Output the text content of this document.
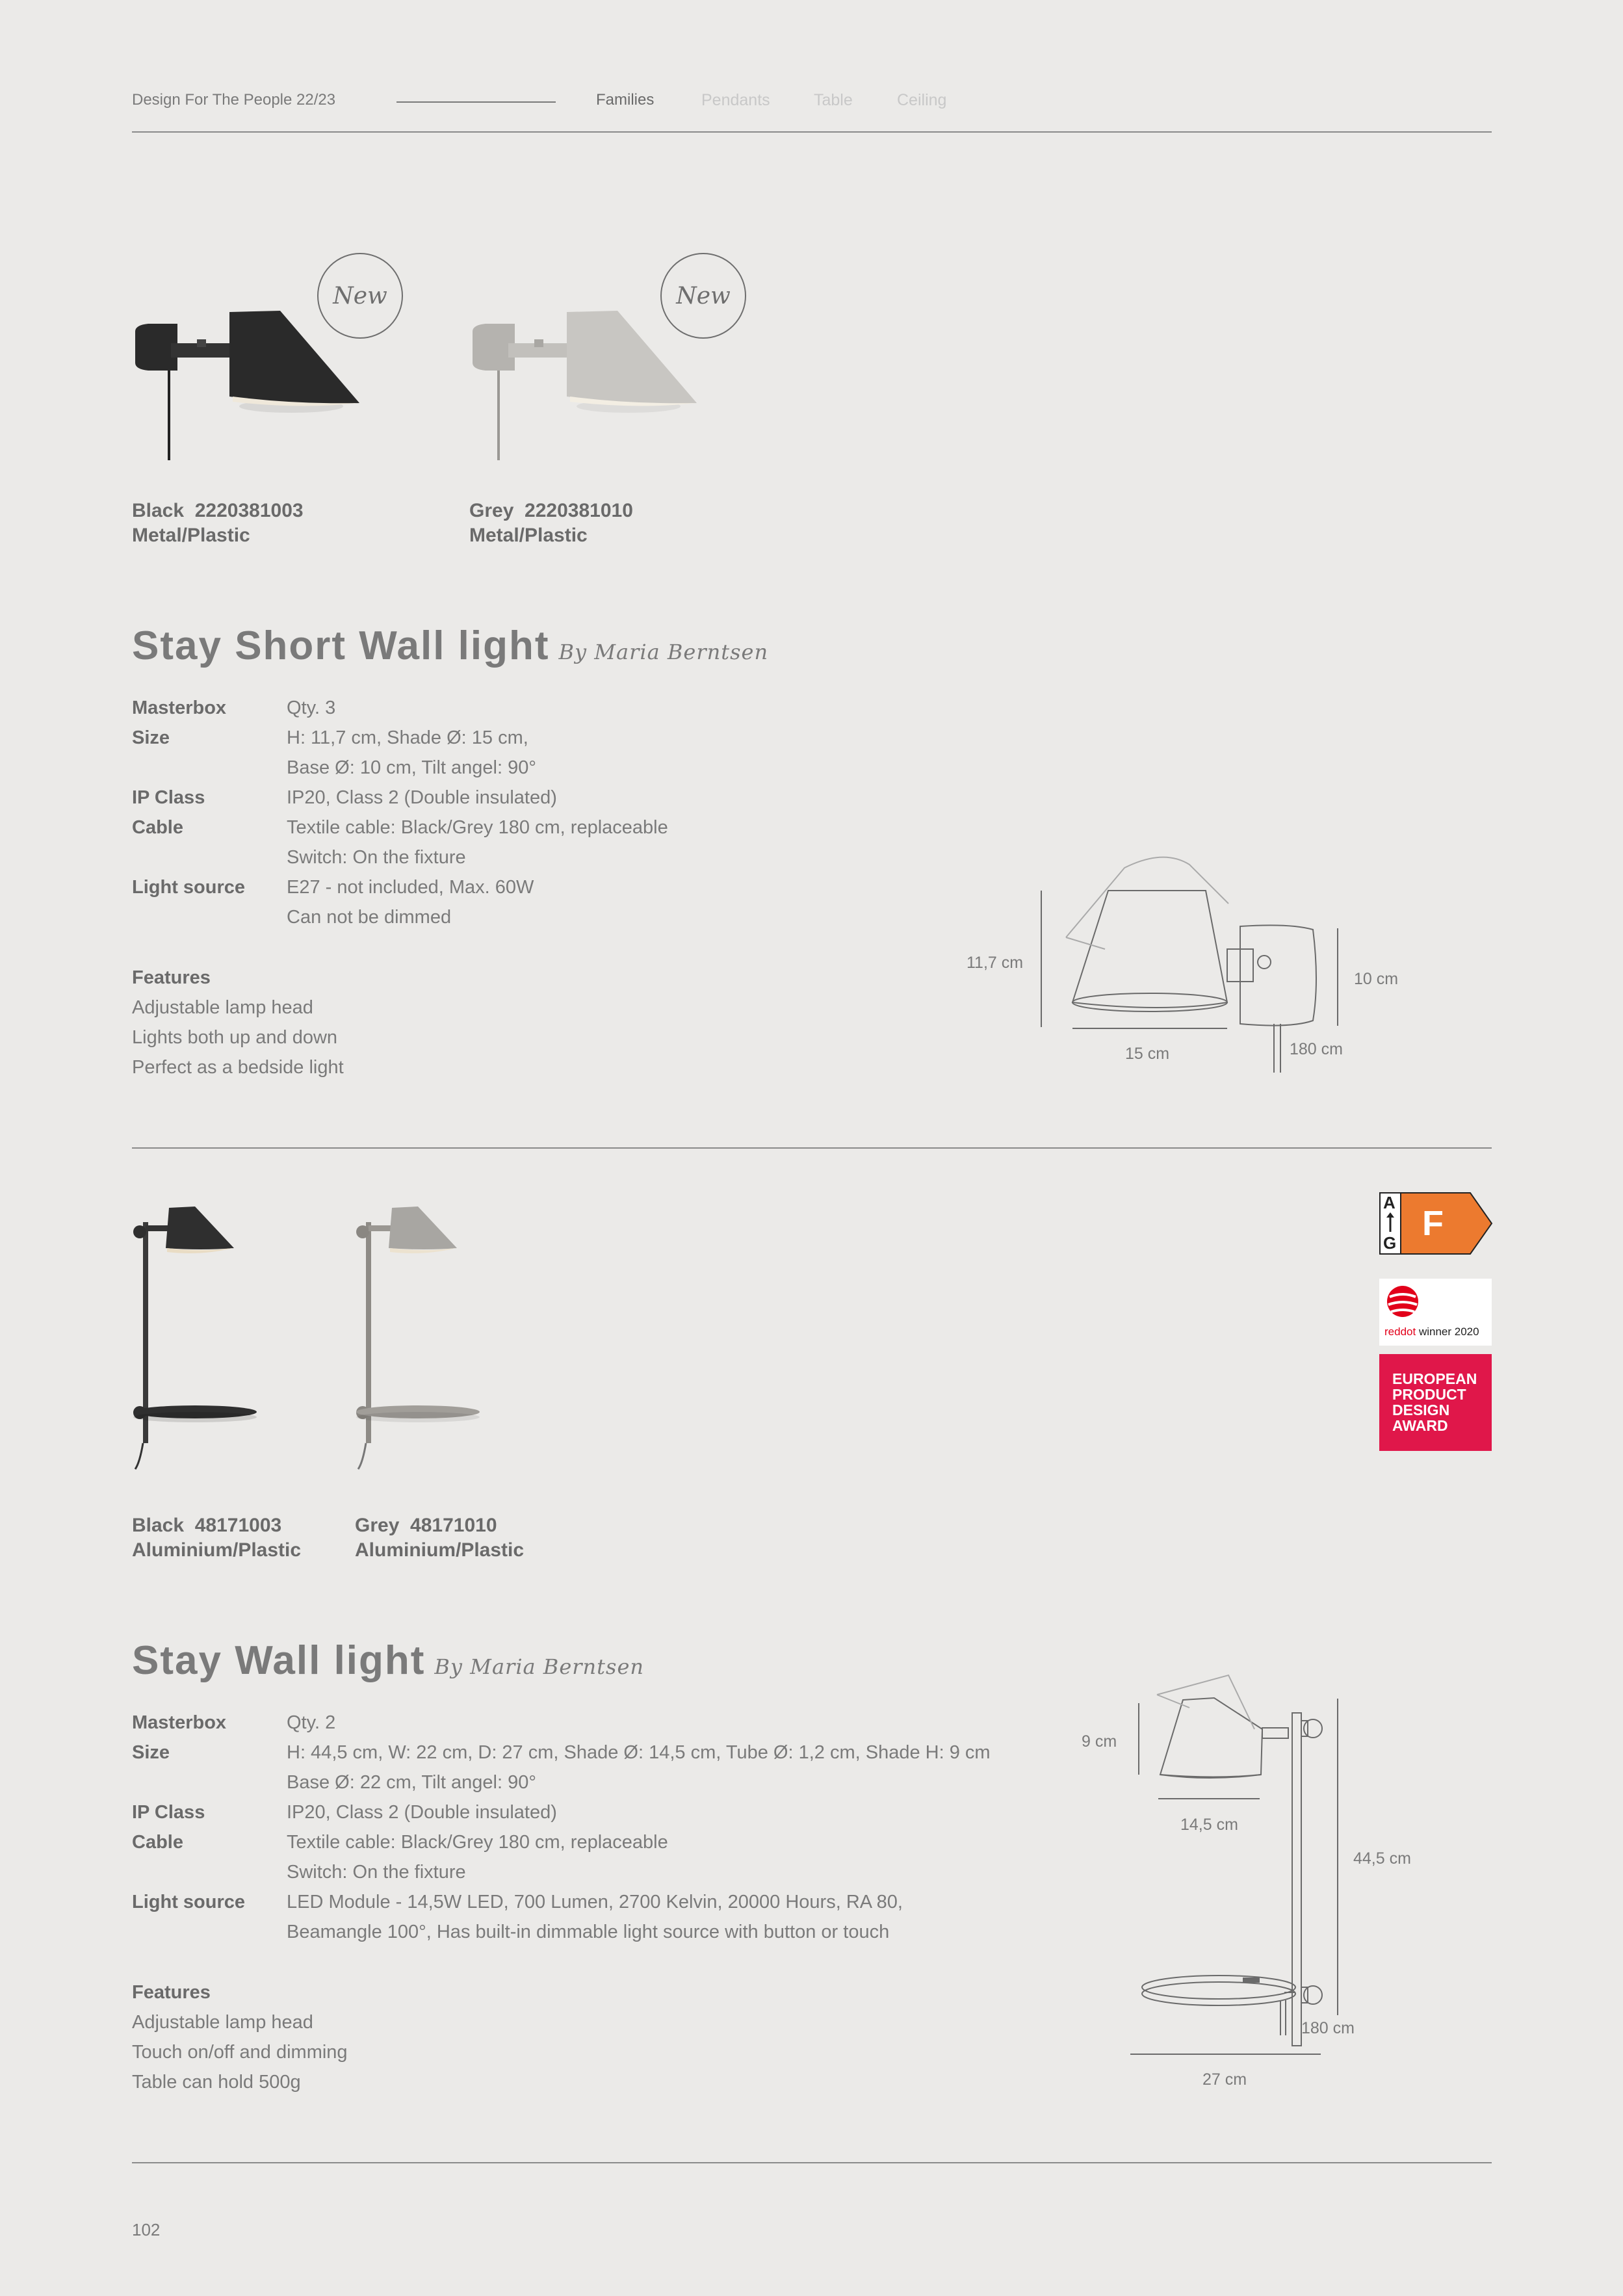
Design For The People 22/23	Families	Pendants	Table	Ceiling
New	New
Black  2220381003
Metal/Plastic
Grey  2220381010
Metal/Plastic
Stay Short Wall light By Maria Berntsen
Masterbox	Qty. 3
Size	H: 11,7 cm, Shade Ø: 15 cm,
Base Ø: 10 cm, Tilt angel: 90°
IP Class	IP20, Class 2 (Double insulated)
Cable	Textile cable: Black/Grey 180 cm, replaceable
Switch: On the fixture
Light source	E27 - not included, Max. 60W
Can not be dimmed
Features
Adjustable lamp head
Lights both up and down
Perfect as a bedside light
11,7 cm
10 cm
15 cm	180 cm
Black  48171003
Aluminium/Plastic
Grey  48171010
Aluminium/Plastic
A
G F
reddot winner 2020
EUROPEAN
PRODUCT
DESIGN
AWARD
Stay Wall light By Maria Berntsen
Masterbox	Qty. 2
Size	H: 44,5 cm, W: 22 cm, D: 27 cm, Shade Ø: 14,5 cm, Tube Ø: 1,2 cm, Shade H: 9 cm
Base Ø: 22 cm, Tilt angel: 90°
IP Class	IP20, Class 2 (Double insulated)
Cable	Textile cable: Black/Grey 180 cm, replaceable
Switch: On the fixture
Light source	LED Module - 14,5W LED, 700 Lumen, 2700 Kelvin, 20000 Hours, RA 80,
Beamangle 100°, Has built-in dimmable light source with button or touch
Features
Adjustable lamp head
Touch on/off and dimming
Table can hold 500g
9 cm
14,5 cm
44,5 cm
180 cm
27 cm
102
